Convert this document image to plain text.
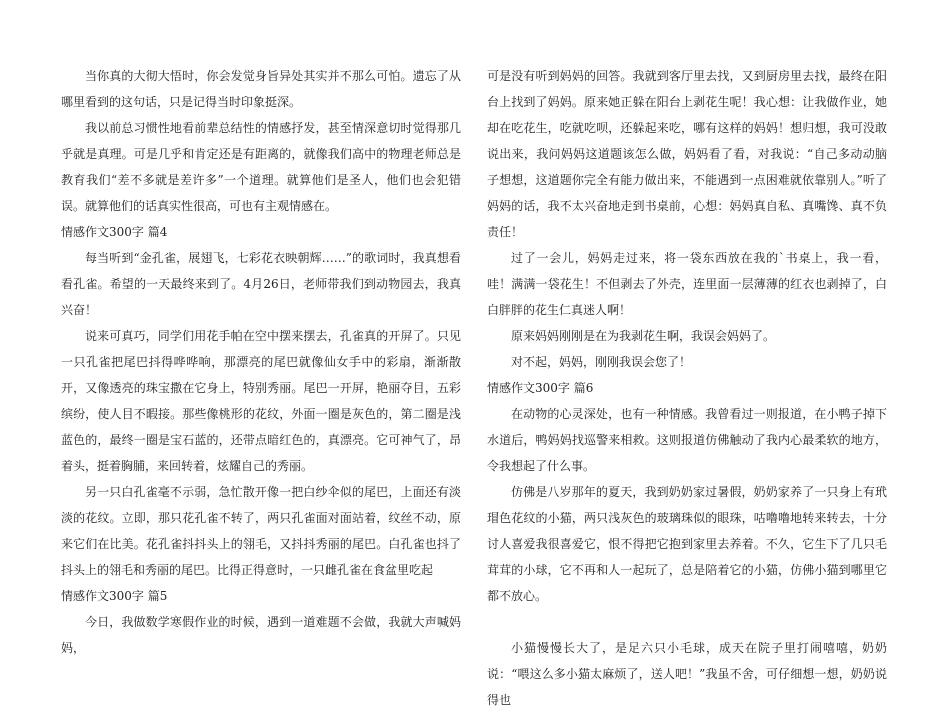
当你真的大彻大悟时，你会发觉身旨异处其实并不那么可怕。遗忘了从哪里看到的这句话，只是记得当时印象挺深。

我以前总习惯性地看前辈总结性的情感抒发，甚至情深意切时觉得那几乎就是真理。可是几乎和肯定还是有距离的，就像我们高中的物理老师总是教育我们“差不多就是差许多”一个道理。就算他们是圣人，他们也会犯错误。就算他们的话真实性很高，可也有主观情感在。

情感作文300字 篇4

每当听到“金孔雀，展翅飞，七彩花衣映朝辉……”的歌词时，我真想看看孔雀。希望的一天最终来到了。4月26日，老师带我们到动物园去，我真兴奋！

说来可真巧，同学们用花手帕在空中摆来摆去，孔雀真的开屏了。只见一只孔雀把尾巴抖得哗哗响，那漂亮的尾巴就像仙女手中的彩扇，渐渐散开，又像透亮的珠宝撒在它身上，特别秀丽。尾巴一开屏，艳丽夺目，五彩缤纷，使人目不暇接。那些像桃形的花纹，外面一圈是灰色的，第二圈是浅蓝色的，最终一圈是宝石蓝的，还带点暗红色的，真漂亮。它可神气了，昂着头，挺着胸脯，来回转着，炫耀自己的秀丽。

另一只白孔雀毫不示弱，急忙散开像一把白纱伞似的尾巴，上面还有淡淡的花纹。立即，那只花孔雀不转了，两只孔雀面对面站着，纹丝不动，原来它们在比美。花孔雀抖抖头上的翎毛，又抖抖秀丽的尾巴。白孔雀也抖了抖头上的翎毛和秀丽的尾巴。比得正得意时，一只雌孔雀在食盆里吃起

情感作文300字 篇5

今日，我做数学寒假作业的时候，遇到一道难题不会做，我就大声喊妈妈，

可是没有听到妈妈的回答。我就到客厅里去找，又到厨房里去找，最终在阳台上找到了妈妈。原来她正躲在阳台上剥花生呢！我心想：让我做作业，她却在吃花生，吃就吃呗，还躲起来吃，哪有这样的妈妈！想归想，我可没敢说出来，我问妈妈这道题该怎么做，妈妈看了看，对我说：“自己多动动脑子想想，这道题你完全有能力做出来，不能遇到一点困难就依靠别人。”听了妈妈的话，我不太兴奋地走到书桌前，心想：妈妈真自私、真嘴馋、真不负责任！

过了一会儿，妈妈走过来，将一袋东西放在我的`书桌上，我一看，哇！满满一袋花生！不但剥去了外壳，连里面一层薄薄的红衣也剥掉了，白白胖胖的花生仁真迷人啊！

原来妈妈刚刚是在为我剥花生啊，我误会妈妈了。

对不起，妈妈，刚刚我误会您了！

情感作文300字 篇6

在动物的心灵深处，也有一种情感。我曾看过一则报道，在小鸭子掉下水道后，鸭妈妈找巡警来相救。这则报道仿佛触动了我内心最柔软的地方，令我想起了什么事。

仿佛是八岁那年的夏天，我到奶奶家过暑假，奶奶家养了一只身上有玳瑁色花纹的小猫，两只浅灰色的玻璃珠似的眼珠，咕噜噜地转来转去，十分讨人喜爱我很喜爱它，恨不得把它抱到家里去养着。不久，它生下了几只毛茸茸的小球，它不再和人一起玩了，总是陪着它的小猫，仿佛小猫到哪里它都不放心。

小猫慢慢长大了，是足六只小毛球，成天在院子里打闹嘻嘻，奶奶说：“喂这么多小猫太麻烦了，送人吧！”我虽不舍，可仔细想一想，奶奶说得也
